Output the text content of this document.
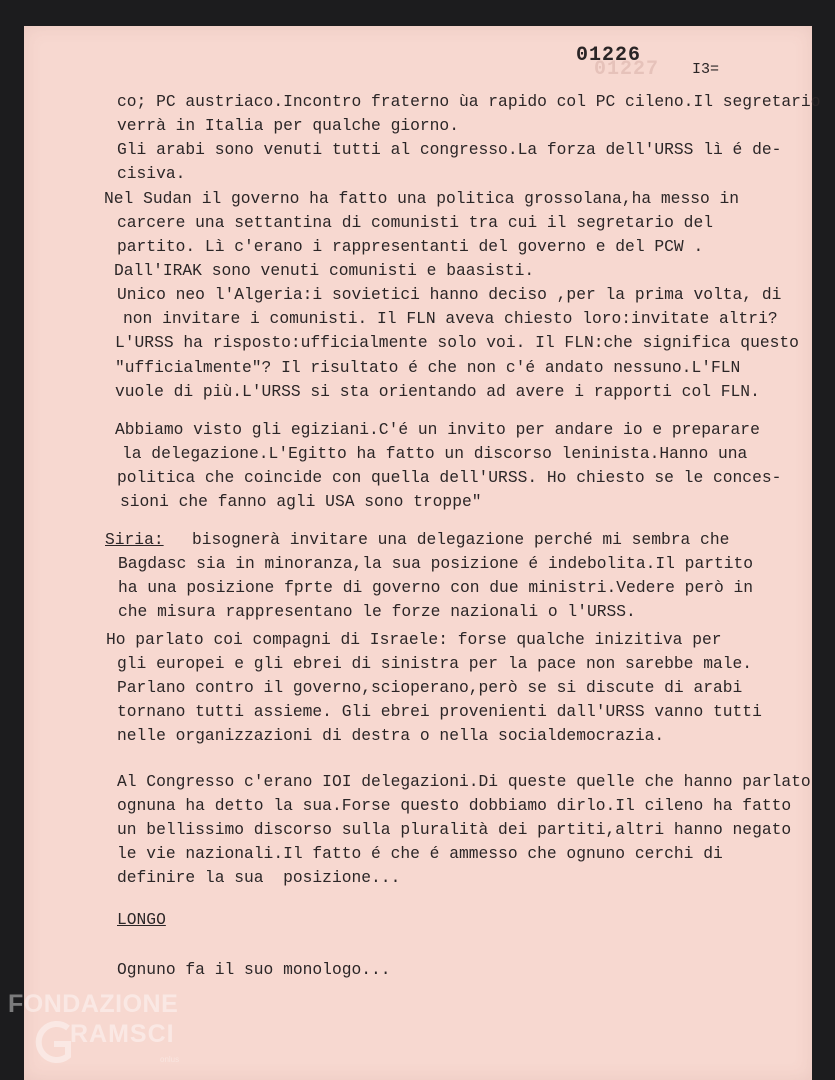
01227
01226
I3=
co; PC austriaco.Incontro fraterno ùa rapido col PC cileno.Il segretario
verrà in Italia per qualche giorno.
Gli arabi sono venuti tutti al congresso.La forza dell'URSS lì é de-
cisiva.
Nel Sudan il governo ha fatto una politica grossolana,ha messo in
carcere una settantina di comunisti tra cui il segretario del
partito. Lì c'erano i rappresentanti del governo e del PCW .
Dall'IRAK sono venuti comunisti e baasisti.
Unico neo l'Algeria:i sovietici hanno deciso ,per la prima volta, di
non invitare i comunisti. Il FLN aveva chiesto loro:invitate altri?
L'URSS ha risposto:ufficialmente solo voi. Il FLN:che significa questo
"ufficialmente"? Il risultato é che non c'é andato nessuno.L'FLN
vuole di più.L'URSS si sta orientando ad avere i rapporti col FLN.
Abbiamo visto gli egiziani.C'é un invito per andare io e preparare
la delegazione.L'Egitto ha fatto un discorso leninista.Hanno una
politica che coincide con quella dell'URSS. Ho chiesto se le conces-
sioni che fanno agli USA sono troppe"
Siria: bisognerà invitare una delegazione perché mi sembra che
Bagdasc sia in minoranza,la sua posizione é indebolita.Il partito
ha una posizione fprte di governo con due ministri.Vedere però in
che misura rappresentano le forze nazionali o l'URSS.
Ho parlato coi compagni di Israele: forse qualche inizitiva per
gli europei e gli ebrei di sinistra per la pace non sarebbe male.
Parlano contro il governo,scioperano,però se si discute di arabi
tornano tutti assieme. Gli ebrei provenienti dall'URSS vanno tutti
nelle organizzazioni di destra o nella socialdemocrazia.
Al Congresso c'erano IOI delegazioni.Di queste quelle che hanno parlato
ognuna ha detto la sua.Forse questo dobbiamo dirlo.Il cileno ha fatto
un bellissimo discorso sulla pluralità dei partiti,altri hanno negato
le vie nazionali.Il fatto é che é ammesso che ognuno cerchi di
definire la sua  posizione...
LONGO
Ognuno fa il suo monologo...
FONDAZIONE
RAMSCI
onlus
